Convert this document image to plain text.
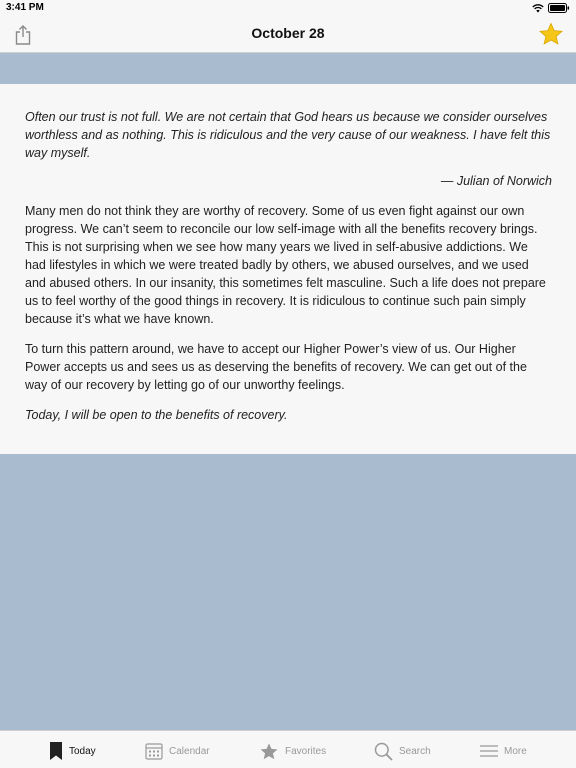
3:41 PM
October 28

Often our trust is not full. We are not certain that God hears us because we consider ourselves worthless and as nothing. This is ridiculous and the very cause of our weakness. I have felt this way myself.

— Julian of Norwich

Many men do not think they are worthy of recovery. Some of us even fight against our own progress. We can’t seem to reconcile our low self-image with all the benefits recovery brings. This is not surprising when we see how many years we lived in self-abusive addictions. We had lifestyles in which we were treated badly by others, we abused ourselves, and we used and abused others. In our insanity, this sometimes felt masculine. Such a life does not prepare us to feel worthy of the good things in recovery. It is ridiculous to continue such pain simply because it’s what we have known.

To turn this pattern around, we have to accept our Higher Power’s view of us. Our Higher Power accepts us and sees us as deserving the benefits of recovery. We can get out of the way of our recovery by letting go of our unworthy feelings.

Today, I will be open to the benefits of recovery.

Today	Calendar	Favorites	Search	More
